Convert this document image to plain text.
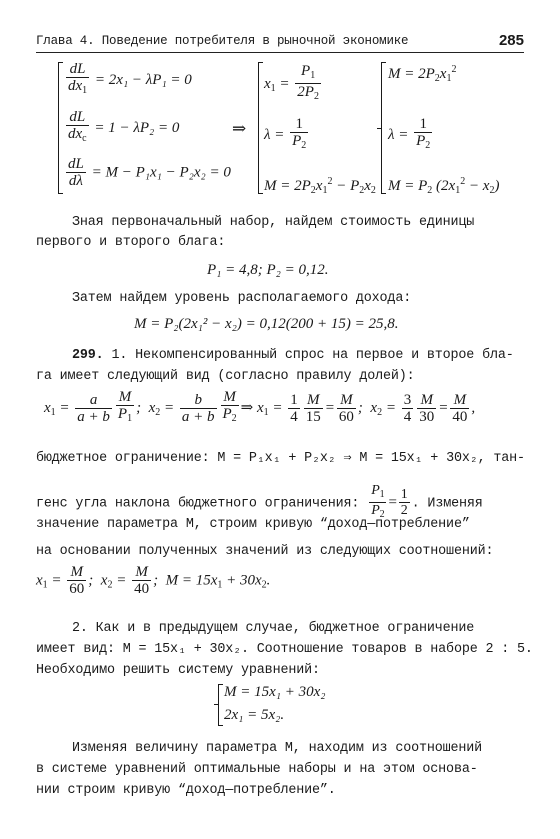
Глава 4. Поведение потребителя в рыночной экономике	285
$\frac{dL}{dx_1} = 2x_1 - \lambda P_1 = 0$
$\frac{dL}{dx_c} = 1 - \lambda P_2 = 0$
$\frac{dL}{d\lambda} = M - P_1x_1 - P_2x_2 = 0$
⇒
$x_1 = \frac{P_1}{2P_2}$
$\lambda = \frac{1}{P_2}$
$M = 2P_2x_1^2 - P_2x_2$
$M = 2P_2x_1^2$
$\lambda = \frac{1}{P_2}$
$M = P_2$ $(2x_1^2 - x_2)$
Зная первоначальный набор, найдем стоимость единицы
первого и второго блага:
P₁ = 4,8; P₂ = 0,12.
Затем найдем уровень располагаемого дохода:
M = P₂(2x₁² − x₂) = 0,12(200 + 15) = 25,8.
299. 1. Некомпенсированный спрос на первое и второе бла-
га имеет следующий вид (согласно правилу долей):
$x_1 = \frac{a}{a + b} \frac{M}{P_1}$ ;  $x_2 = \frac{b}{a + b} \frac{M}{P_2}$ ⇒ $x_1 = \frac{1}{4} \frac{M}{15} = \frac{M}{60}$ ;  $x_2 = \frac{3}{4} \frac{M}{30} = \frac{M}{40}$ ,
бюджетное ограничение: M = P₁x₁ + P₂x₂ ⇒ M = 15x₁ + 30x₂, тан-
генс угла наклона бюджетного ограничения: $\frac{P_1}{P_2} = \frac{1}{2}$ . Изменяя
значение параметра M, строим кривую “доход—потребление”
на основании полученных значений из следующих соотношений:
$x_1 = \frac{M}{60}$ ;  $x_2 = \frac{M}{40}$ ;  $M = 15x_1 + 30x_2$.
2. Как и в предыдущем случае, бюджетное ограничение
имеет вид: M = 15x₁ + 30x₂. Соотношение товаров в наборе 2 : 5.
Необходимо решить систему уравнений:
M = 15x₁ + 30x₂
2x₁ = 5x₂.
Изменяя величину параметра M, находим из соотношений
в системе уравнений оптимальные наборы и на этом основа-
нии строим кривую “доход—потребление”.
